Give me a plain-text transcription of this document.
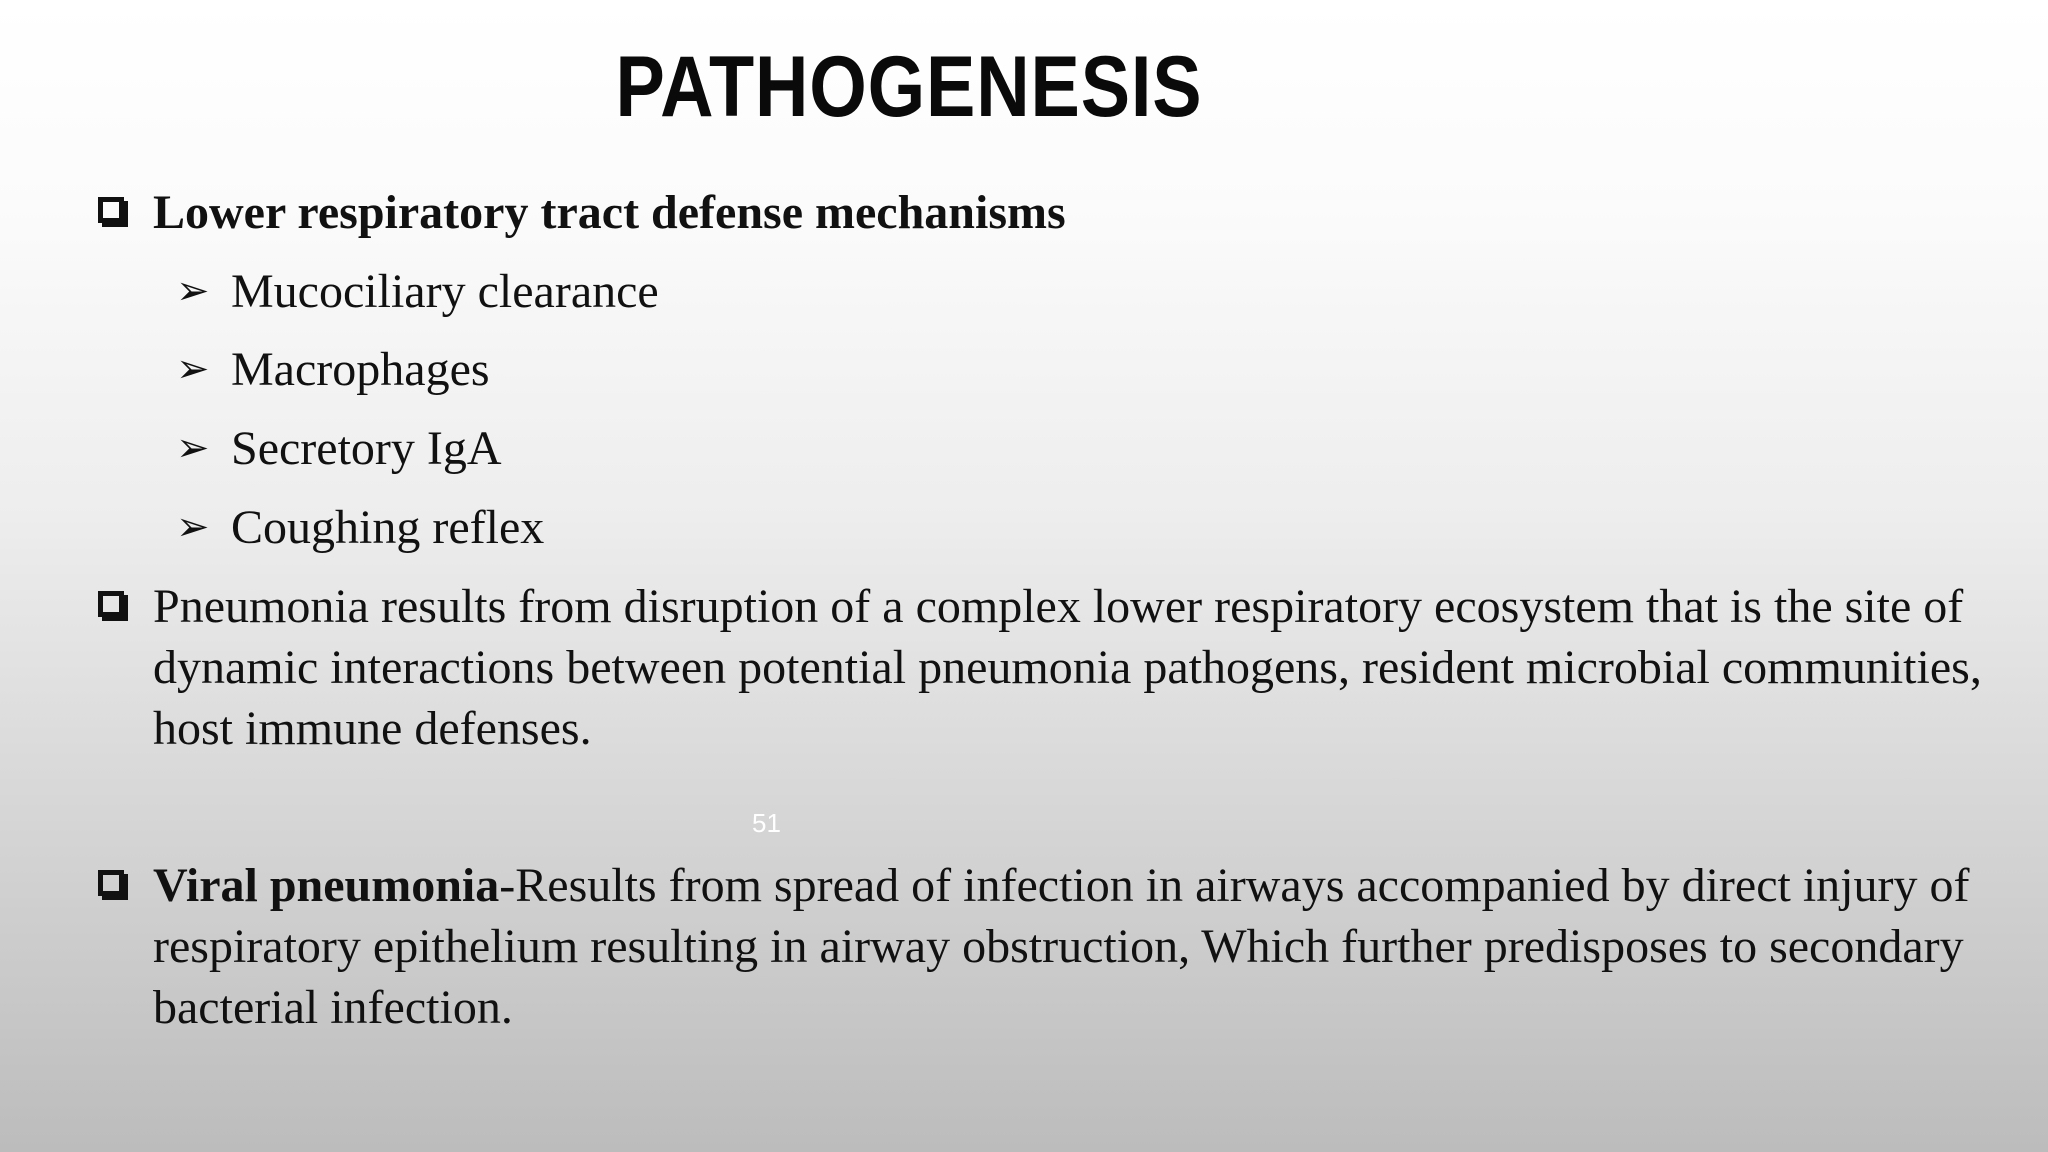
PATHOGENESIS
Lower respiratory tract defense mechanisms
➢ Mucociliary clearance
➢ Macrophages
➢ Secretory IgA
➢ Coughing reflex
Pneumonia results from disruption of a complex lower respiratory ecosystem that is the site of dynamic interactions between potential pneumonia pathogens, resident microbial communities, host immune defenses.
51
Viral pneumonia-Results from spread of infection in airways accompanied by direct injury of respiratory epithelium resulting in airway obstruction, Which further predisposes to secondary bacterial infection.
